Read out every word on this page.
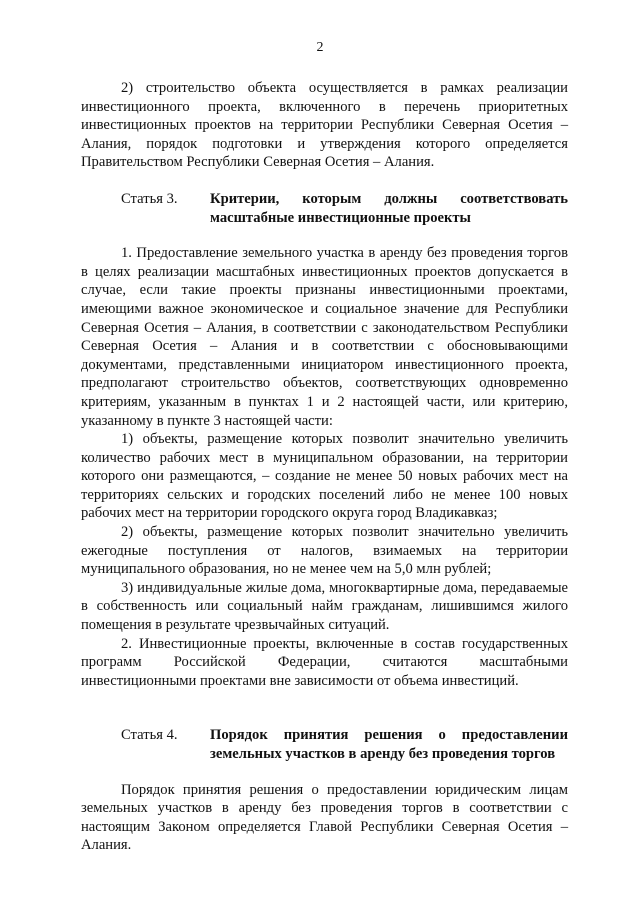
2

2) строительство объекта осуществляется в рамках реализации инвестиционного проекта, включенного в перечень приоритетных инвестиционных проектов на территории Республики Северная Осетия – Алания, порядок подготовки и утверждения которого определяется Правительством Республики Северная Осетия – Алания.

Статья 3. Критерии, которым должны соответствовать масштабные инвестиционные проекты

1. Предоставление земельного участка в аренду без проведения торгов в целях реализации масштабных инвестиционных проектов допускается в случае, если такие проекты признаны инвестиционными проектами, имеющими важное экономическое и социальное значение для Республики Северная Осетия – Алания, в соответствии с законодательством Республики Северная Осетия – Алания и в соответствии с обосновывающими документами, представленными инициатором инвестиционного проекта, предполагают строительство объектов, соответствующих одновременно критериям, указанным в пунктах 1 и 2 настоящей части, или критерию, указанному в пункте 3 настоящей части:

1) объекты, размещение которых позволит значительно увеличить количество рабочих мест в муниципальном образовании, на территории которого они размещаются, – создание не менее 50 новых рабочих мест на территориях сельских и городских поселений либо не менее 100 новых рабочих мест на территории городского округа город Владикавказ;

2) объекты, размещение которых позволит значительно увеличить ежегодные поступления от налогов, взимаемых на территории муниципального образования, но не менее чем на 5,0 млн рублей;

3) индивидуальные жилые дома, многоквартирные дома, передаваемые в собственность или социальный найм гражданам, лишившимся жилого помещения в результате чрезвычайных ситуаций.

2. Инвестиционные проекты, включенные в состав государственных программ Российской Федерации, считаются масштабными инвестиционными проектами вне зависимости от объема инвестиций.

Статья 4. Порядок принятия решения о предоставлении земельных участков в аренду без проведения торгов

Порядок принятия решения о предоставлении юридическим лицам земельных участков в аренду без проведения торгов в соответствии с настоящим Законом определяется Главой Республики Северная Осетия – Алания.
